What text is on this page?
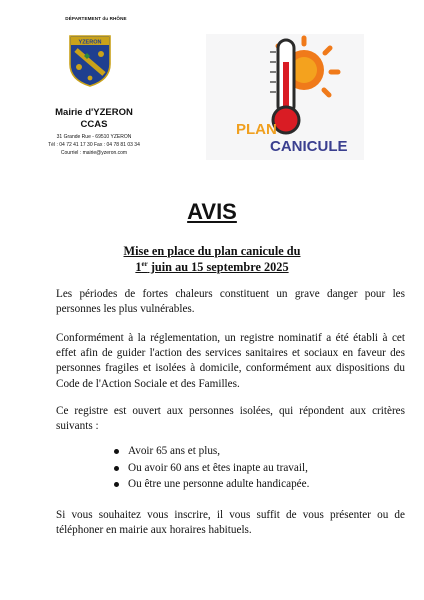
DÉPARTEMENT du RHÔNE
YZERON
Mairie d'YZERON
CCAS
31 Grande Rue - 69510 YZERON
Tél : 04 72 41 17 30 Fax : 04 78 81 03 34
Courriel : mairie@yzeron.com
PLAN
CANICULE
AVIS
Mise en place du plan canicule du
1er juin au 15 septembre 2025

Les périodes de fortes chaleurs constituent un grave danger pour les personnes les plus vulnérables.

Conformément à la réglementation, un registre nominatif a été établi à cet effet afin de guider l'action des services sanitaires et sociaux en faveur des personnes fragiles et isolées à domicile, conformément aux dispositions du Code de l'Action Sociale et des Familles.

Ce registre est ouvert aux personnes isolées, qui répondent aux critères suivants :

Avoir 65 ans et plus,
Ou avoir 60 ans et êtes inapte au travail,
Ou être une personne adulte handicapée.

Si vous souhaitez vous inscrire, il vous suffit de vous présenter ou de téléphoner en mairie aux horaires habituels.
